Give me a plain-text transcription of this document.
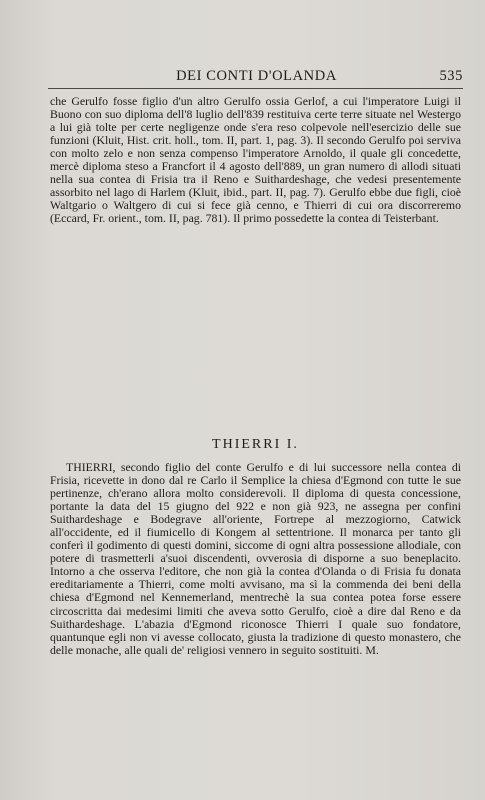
DEI CONTI D'OLANDA	535

che Gerulfo fosse figlio d'un altro Gerulfo ossia Gerlof, a cui l'imperatore Luigi il Buono con suo diploma dell'8 luglio dell'839 restituiva certe terre situate nel Westergo a lui già tolte per certe negligenze onde s'era reso colpevole nell'esercizio delle sue funzioni (Kluit, Hist. crit. holl., tom. II, part. 1, pag. 3). Il secondo Gerulfo poi serviva con molto zelo e non senza compenso l'imperatore Arnoldo, il quale gli concedette, mercè diploma steso a Francfort il 4 agosto dell'889, un gran numero di allodi situati nella sua contea di Frisia tra il Reno e Suithardeshage, che vedesi presentemente assorbito nel lago di Harlem (Kluit, ibid., part. II, pag. 7). Gerulfo ebbe due figli, cioè Waltgario o Waltgero di cui si fece già cenno, e Thierri di cui ora discorreremo (Eccard, Fr. orient., tom. II, pag. 781). Il primo possedette la contea di Teisterbant.

THIERRI I.

THIERRI, secondo figlio del conte Gerulfo e di lui successore nella contea di Frisia, ricevette in dono dal re Carlo il Semplice la chiesa d'Egmond con tutte le sue pertinenze, ch'erano allora molto considerevoli. Il diploma di questa concessione, portante la data del 15 giugno del 922 e non già 923, ne assegna per confini Suithardeshage e Bodegrave all'oriente, Fortrepe al mezzogiorno, Catwick all'occidente, ed il fiumicello di Kongem al settentrione. Il monarca per tanto gli conferì il godimento di questi domini, siccome di ogni altra possessione allodiale, con potere di trasmetterli a'suoi discendenti, ovverosia di disporne a suo beneplacito. Intorno a che osserva l'editore, che non già la contea d'Olanda o di Frisia fu donata ereditariamente a Thierri, come molti avvisano, ma sì la commenda dei beni della chiesa d'Egmond nel Kennemerland, mentrechè la sua contea potea forse essere circoscritta dai medesimi limiti che aveva sotto Gerulfo, cioè a dire dal Reno e da Suithardeshage. L'abazia d'Egmond riconosce Thierri I quale suo fondatore, quantunque egli non vi avesse collocato, giusta la tradizione di questo monastero, che delle monache, alle quali de' religiosi vennero in seguito sostituiti. M.
